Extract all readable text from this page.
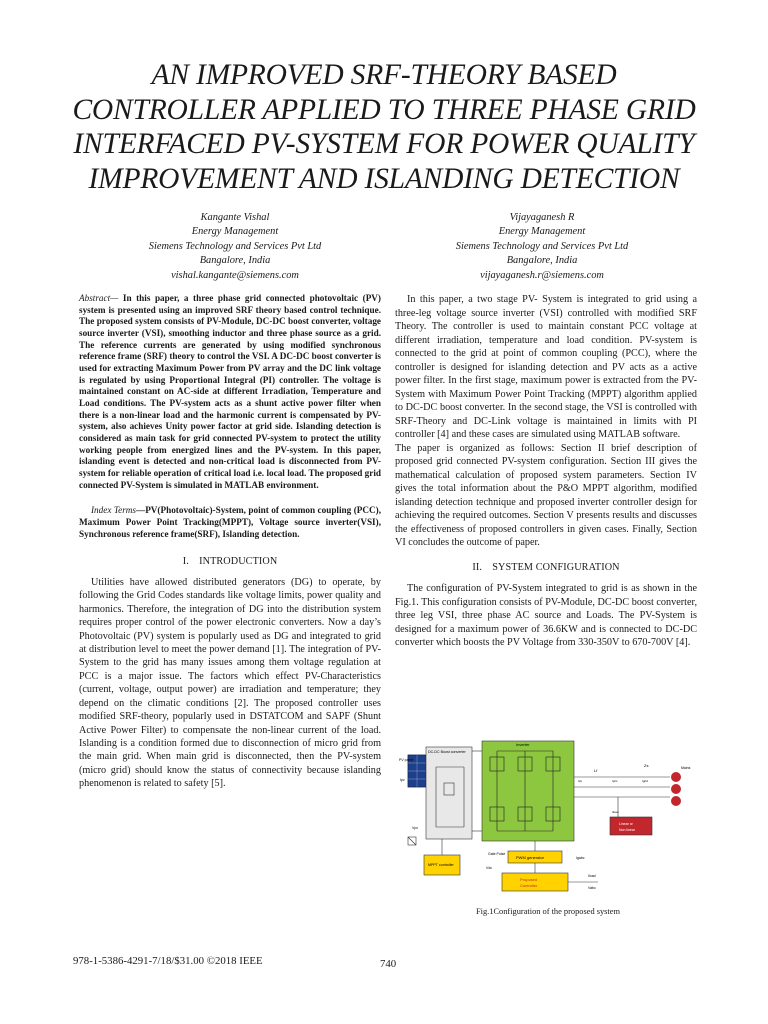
AN IMPROVED SRF-THEORY BASED CONTROLLER APPLIED TO THREE PHASE GRID INTERFACED PV-SYSTEM FOR POWER QUALITY IMPROVEMENT AND ISLANDING DETECTION
Kangante Vishal
Energy Management
Siemens Technology and Services Pvt Ltd
Bangalore, India
vishal.kangante@siemens.com
Vijayaganesh R
Energy Management
Siemens Technology and Services Pvt Ltd
Bangalore, India
vijayaganesh.r@siemens.com

Abstract— In this paper, a three phase grid connected photovoltaic (PV) system is presented using an improved SRF theory based control technique. The proposed system consists of PV-Module, DC-DC boost converter, voltage source inverter (VSI), smoothing inductor and three phase source as a grid. The reference currents are generated by using modified synchronous reference frame (SRF) theory to control the VSI. A DC-DC boost converter is used for extracting Maximum Power from PV array and the DC link voltage is regulated by using Proportional Integral (PI) controller. The voltage is maintained constant on AC-side at different Irradiation, Temperature and Load conditions. The PV-system acts as a shunt active power filter when there is a non-linear load and the harmonic current is compensated by PV-system, also achieves Unity power factor at grid side. Islanding detection is considered as main task for grid connected PV-system to protect the utility working people from energized lines and the PV-system. In this paper, islanding event is detected and non-critical load is disconnected from PV-system for reliable operation of critical load i.e. local load. The proposed grid connected PV-System is simulated in MATLAB environment.

Index Terms—PV(Photovoltaic)-System, point of common coupling (PCC), Maximum Power Point Tracking(MPPT), Voltage source inverter(VSI), Synchronous reference frame(SRF), Islanding detection.

I. INTRODUCTION

Utilities have allowed distributed generators (DG) to operate, by following the Grid Codes standards like voltage limits, power quality and harmonics. Therefore, the integration of DG into the distribution system requires proper control of the power electronic converters. Now a day’s Photovoltaic (PV) system is popularly used as DG and integrated to grid at distribution level to meet the power demand [1]. The integration of PV-System to the grid has many issues among them voltage regulation at PCC is a major issue. The factors which effect PV-Characteristics (current, voltage, output power) are irradiation and temperature; they depend on the climatic conditions [2]. The proposed controller uses modified SRF-theory, popularly used in DSTATCOM and SAPF (Shunt Active Power Filter) to compensate the non-linear current of the load. Islanding is a condition formed due to disconnection of micro grid from the main grid. When main grid is disconnected, then the PV-system (micro grid) should know the status of connectivity because islanding phenomenon is related to safety [5].

In this paper, a two stage PV- System is integrated to grid using a three-leg voltage source inverter (VSI) controlled with modified SRF Theory. The controller is used to maintain constant PCC voltage at different irradiation, temperature and load condition. PV-system is connected to the grid at point of common coupling (PCC), where the controller is designed for islanding detection and PV acts as a active power filter. In the first stage, maximum power is extracted from the PV-System with Maximum Power Point Tracking (MPPT) algorithm applied to DC-DC boost converter. In the second stage, the VSI is controlled with SRF-Theory and DC-Link voltage is maintained in limits with PI controller [4] and these cases are simulated using MATLAB software.

The paper is organized as follows: Section II brief description of proposed grid connected PV-system configuration. Section III gives the mathematical calculation of proposed system parameters. Section IV gives the total information about the P&O MPPT algorithm, modified islanding detection technique and proposed inverter controller design for achieving the required outcomes. Section V presents results and discusses the effectiveness of proposed controllers in given cases. Finally, Section VI concludes the outcome of paper.

II. SYSTEM CONFIGURATION

The configuration of PV-System integrated to grid is as shown in the Fig.1. This configuration consists of PV-Module, DC-DC boost converter, three leg VSI, three phase AC source and Loads. The PV-System is designed for a maximum power of 36.6KW and is connected to DC-DC converter which boosts the PV Voltage from 330-350V to 670-700V [4].

PV panel
Ipv
Vpv
DC-DC Boost converter
Inverter
Lf
Zs
Ipv	Ipcc	Igrid
Iload
Mains
Linear or
Non linear
MPPT controller
Gate Pulse
PWM generator
Proposed
Controller
Igabc
Iload
Vabc
Vdc
Fig.1Configuration of the proposed system
978-1-5386-4291-7/18/$31.00 ©2018 IEEE	740
